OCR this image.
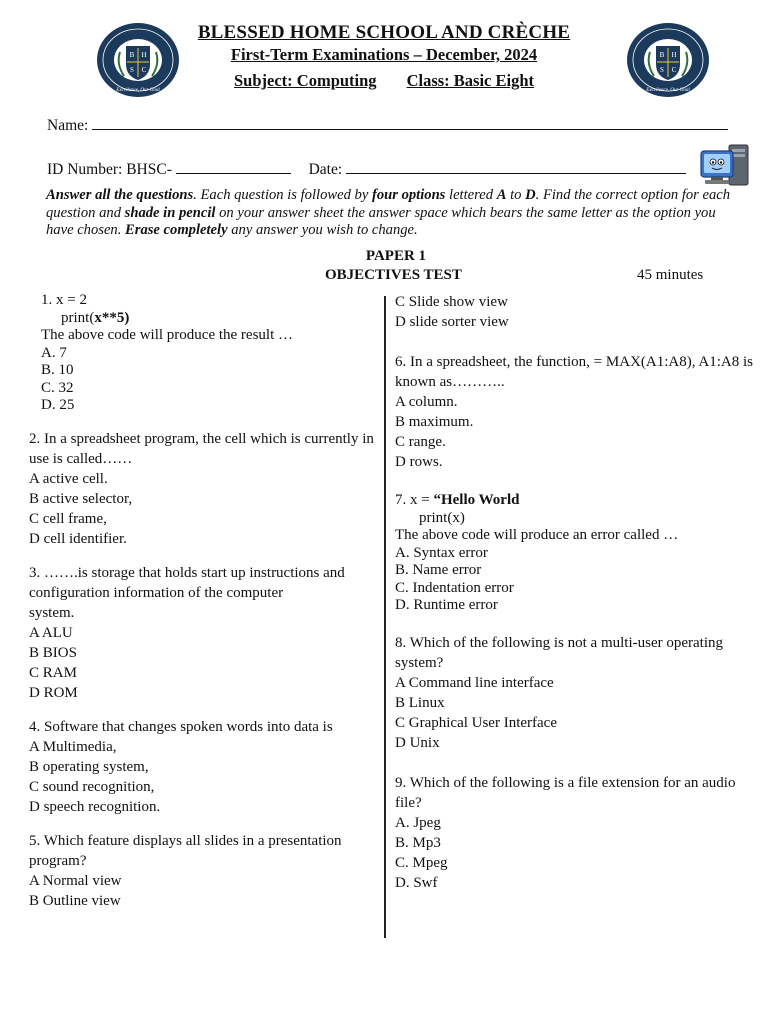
B H
S C
Excellence, Our Goal
B H
S C
Excellence, Our Goal
BLESSED HOME SCHOOL AND CRÈCHE
First-Term Examinations – December, 2024
Subject: Computing Class: Basic Eight
Name:
ID Number: BHSC-	Date:
Answer all the questions. Each question is followed by four options lettered A to D. Find the correct option for each question and shade in pencil on your answer sheet the answer space which bears the same letter as the option you have chosen. Erase completely any answer you wish to change.
PAPER 1
OBJECTIVES TEST	45 minutes
1. x = 2
print(x**5)
The above code will produce the result …
A. 7
B. 10
C. 32
D. 25
2. In a spreadsheet program, the cell which is currently in use is called……
A active cell.
B active selector,
C cell frame,
D cell identifier.
3. …….is storage that holds start up instructions and configuration information of the computer
system.
A ALU
B BIOS
C RAM
D ROM
4. Software that changes spoken words into data is
A Multimedia,
B operating system,
C sound recognition,
D speech recognition.
5. Which feature displays all slides in a presentation program?
A Normal view
B Outline view
C Slide show view
D slide sorter view
6. In a spreadsheet, the function, = MAX(A1:A8), A1:A8 is known as………..
A column.
B maximum.
C range.
D rows.
7. x = “Hello World
print(x)
The above code will produce an error called …
A. Syntax error
B. Name error
C. Indentation error
D. Runtime error
8. Which of the following is not a multi-user operating system?
A Command line interface
B Linux
C Graphical User Interface
D Unix
9. Which of the following is a file extension for an audio file?
A. Jpeg
B. Mp3
C. Mpeg
D. Swf
